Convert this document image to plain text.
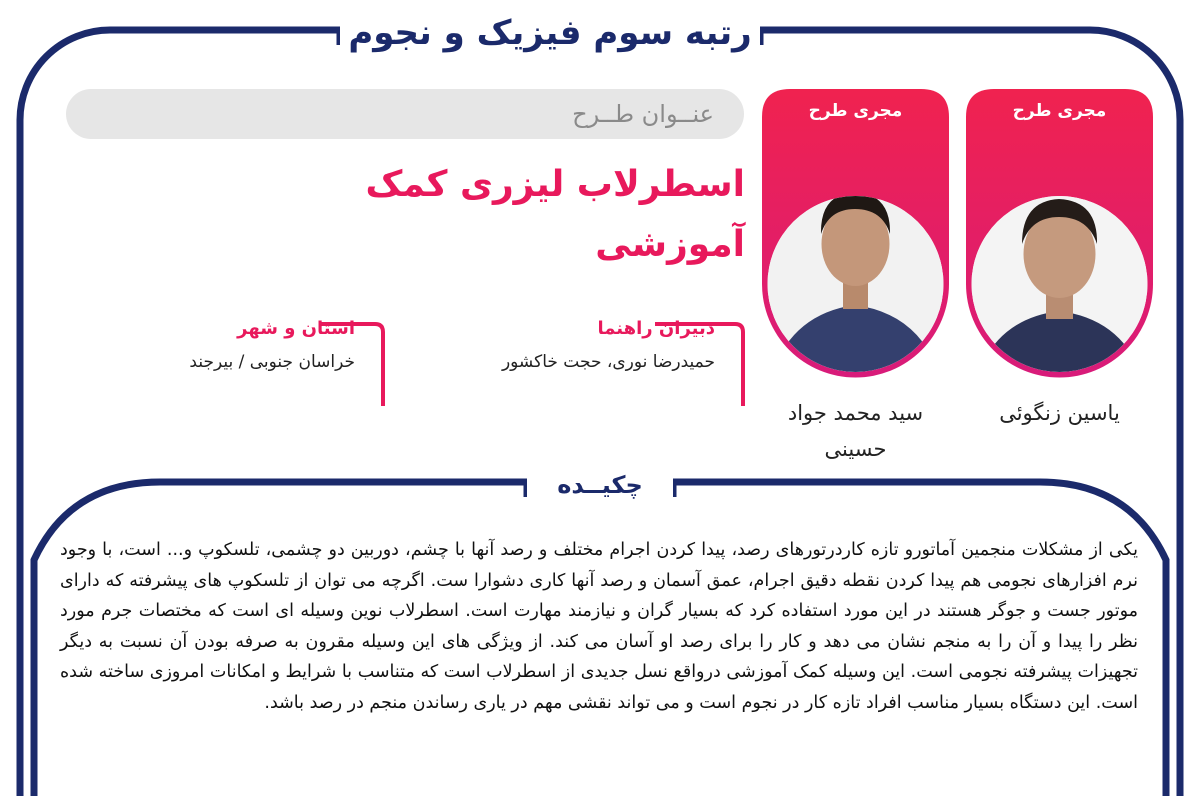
رتبه سوم فیزیک و نجوم
عنــوان طــرح
اسطرلاب لیزری کمک آموزشی
دبیران راهنما
حمیدرضا نوری، حجت خاکشور
استان و شهر
خراسان جنوبی / بیرجند
مجری طرح
یاسین زنگوئی
مجری طرح
سید محمد جواد
حسینی
چکیــده
یکی از مشکلات منجمین آماتورو تازه کاردرتورهای رصد، پیدا کردن اجرام مختلف و رصد آنها با چشم، دوربین دو چشمی، تلسکوپ و... است، با وجود نرم افزارهای نجومی هم پیدا کردن نقطه دقیق اجرام، عمق آسمان و رصد آنها کاری دشوارا ست. اگرچه می توان از تلسکوپ های پیشرفته که دارای موتور جست و جوگر هستند در این مورد استفاده کرد که بسیار گران و نیازمند مهارت است. اسطرلاب نوین وسیله ای است که مختصات جرم مورد نظر را پیدا و آن را به منجم نشان می دهد و کار را برای رصد او آسان می کند. از ویژگی های این وسیله مقرون به صرفه بودن آن نسبت به دیگر تجهیزات پیشرفته نجومی است. این وسیله کمک آموزشی درواقع نسل جدیدی از اسطرلاب است که متناسب با شرایط و امکانات امروزی ساخته شده است. این دستگاه بسیار مناسب افراد تازه کار در نجوم است و می تواند نقشی مهم در یاری رساندن منجم در رصد باشد.
